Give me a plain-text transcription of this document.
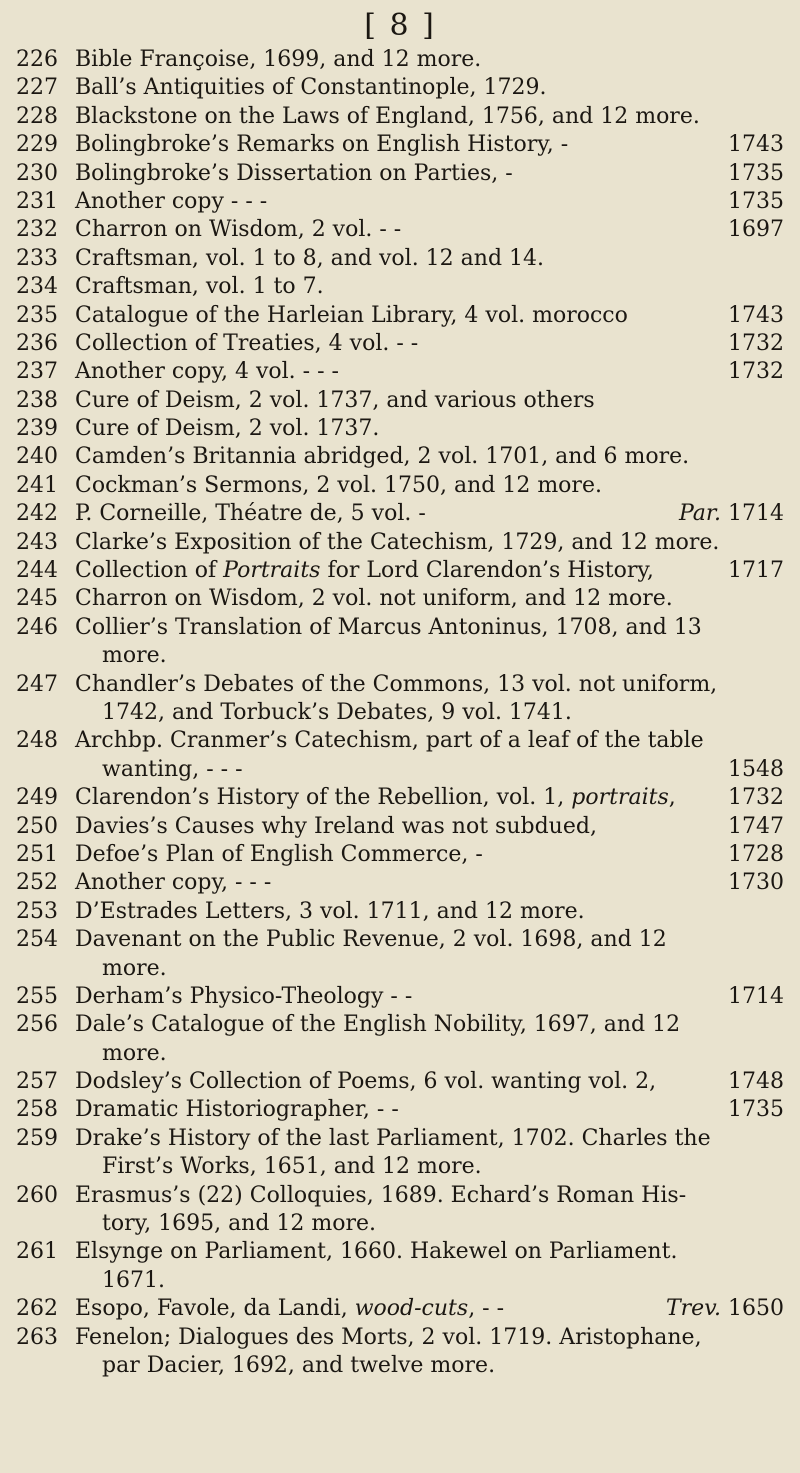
[ 8 ]
226 Bible Françoise, 1699, and 12 more.
227 Ball’s Antiquities of Constantinople, 1729.
228 Blackstone on the Laws of England, 1756, and 12 more.
229 Bolingbroke’s Remarks on English History, -	1743
230 Bolingbroke’s Dissertation on Parties, -	1735
231 Another copy - - -	1735
232 Charron on Wisdom, 2 vol. - -	1697
233 Craftsman, vol. 1 to 8, and vol. 12 and 14.
234 Craftsman, vol. 1 to 7.
235 Catalogue of the Harleian Library, 4 vol. morocco	1743
236 Collection of Treaties, 4 vol. - -	1732
237 Another copy, 4 vol. - - -	1732
238 Cure of Deism, 2 vol. 1737, and various others
239 Cure of Deism, 2 vol. 1737.
240 Camden’s Britannia abridged, 2 vol. 1701, and 6 more.
241 Cockman’s Sermons, 2 vol. 1750, and 12 more.
242 P. Corneille, Théatre de, 5 vol. -	Par. 1714
243 Clarke’s Exposition of the Catechism, 1729, and 12 more.
244 Collection of Portraits for Lord Clarendon’s History,	1717
245 Charron on Wisdom, 2 vol. not uniform, and 12 more.
246 Collier’s Translation of Marcus Antoninus, 1708, and 13
more.
247 Chandler’s Debates of the Commons, 13 vol. not uniform,
1742, and Torbuck’s Debates, 9 vol. 1741.
248 Archbp. Cranmer’s Catechism, part of a leaf of the table
wanting, - - -	1548
249 Clarendon’s History of the Rebellion, vol. 1, portraits,	1732
250 Davies’s Causes why Ireland was not subdued,	1747
251 Defoe’s Plan of English Commerce, -	1728
252 Another copy, - - -	1730
253 D’Estrades Letters, 3 vol. 1711, and 12 more.
254 Davenant on the Public Revenue, 2 vol. 1698, and 12
more.
255 Derham’s Physico-Theology - -	1714
256 Dale’s Catalogue of the English Nobility, 1697, and 12
more.
257 Dodsley’s Collection of Poems, 6 vol. wanting vol. 2,	1748
258 Dramatic Historiographer, - -	1735
259 Drake’s History of the last Parliament, 1702. Charles the
First’s Works, 1651, and 12 more.
260 Erasmus’s (22) Colloquies, 1689. Echard’s Roman His-
tory, 1695, and 12 more.
261 Elsynge on Parliament, 1660. Hakewel on Parliament.
1671.
262 Esopo, Favole, da Landi, wood-cuts, - -	Trev. 1650
263 Fenelon; Dialogues des Morts, 2 vol. 1719. Aristophane,
par Dacier, 1692, and twelve more.
